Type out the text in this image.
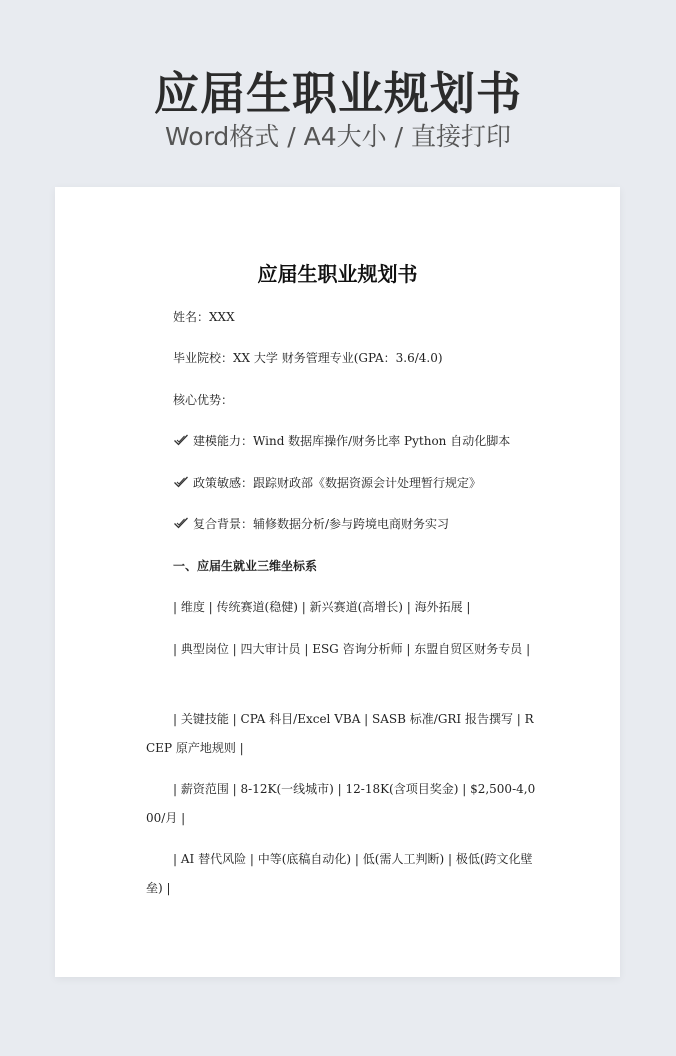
应届生职业规划书
Word格式 / A4大小 / 直接打印
应届生职业规划书
姓名：XXX
毕业院校：XX 大学 财务管理专业(GPA：3.6/4.0)
核心优势：
建模能力：Wind 数据库操作/财务比率 Python 自动化脚本
政策敏感：跟踪财政部《数据资源会计处理暂行规定》
复合背景：辅修数据分析/参与跨境电商财务实习
一、应届生就业三维坐标系
| 维度 | 传统赛道(稳健) | 新兴赛道(高增长) | 海外拓展 |
| 典型岗位 | 四大审计员 | ESG 咨询分析师 | 东盟自贸区财务专员 |
| 关键技能 | CPA 科目/Excel VBA | SASB 标准/GRI 报告撰写 | RCEP 原产地规则 |
| 薪资范围 | 8-12K(一线城市) | 12-18K(含项目奖金) | $2,500-4,000/月 |
| AI 替代风险 | 中等(底稿自动化) | 低(需人工判断) | 极低(跨文化壁垒) |
